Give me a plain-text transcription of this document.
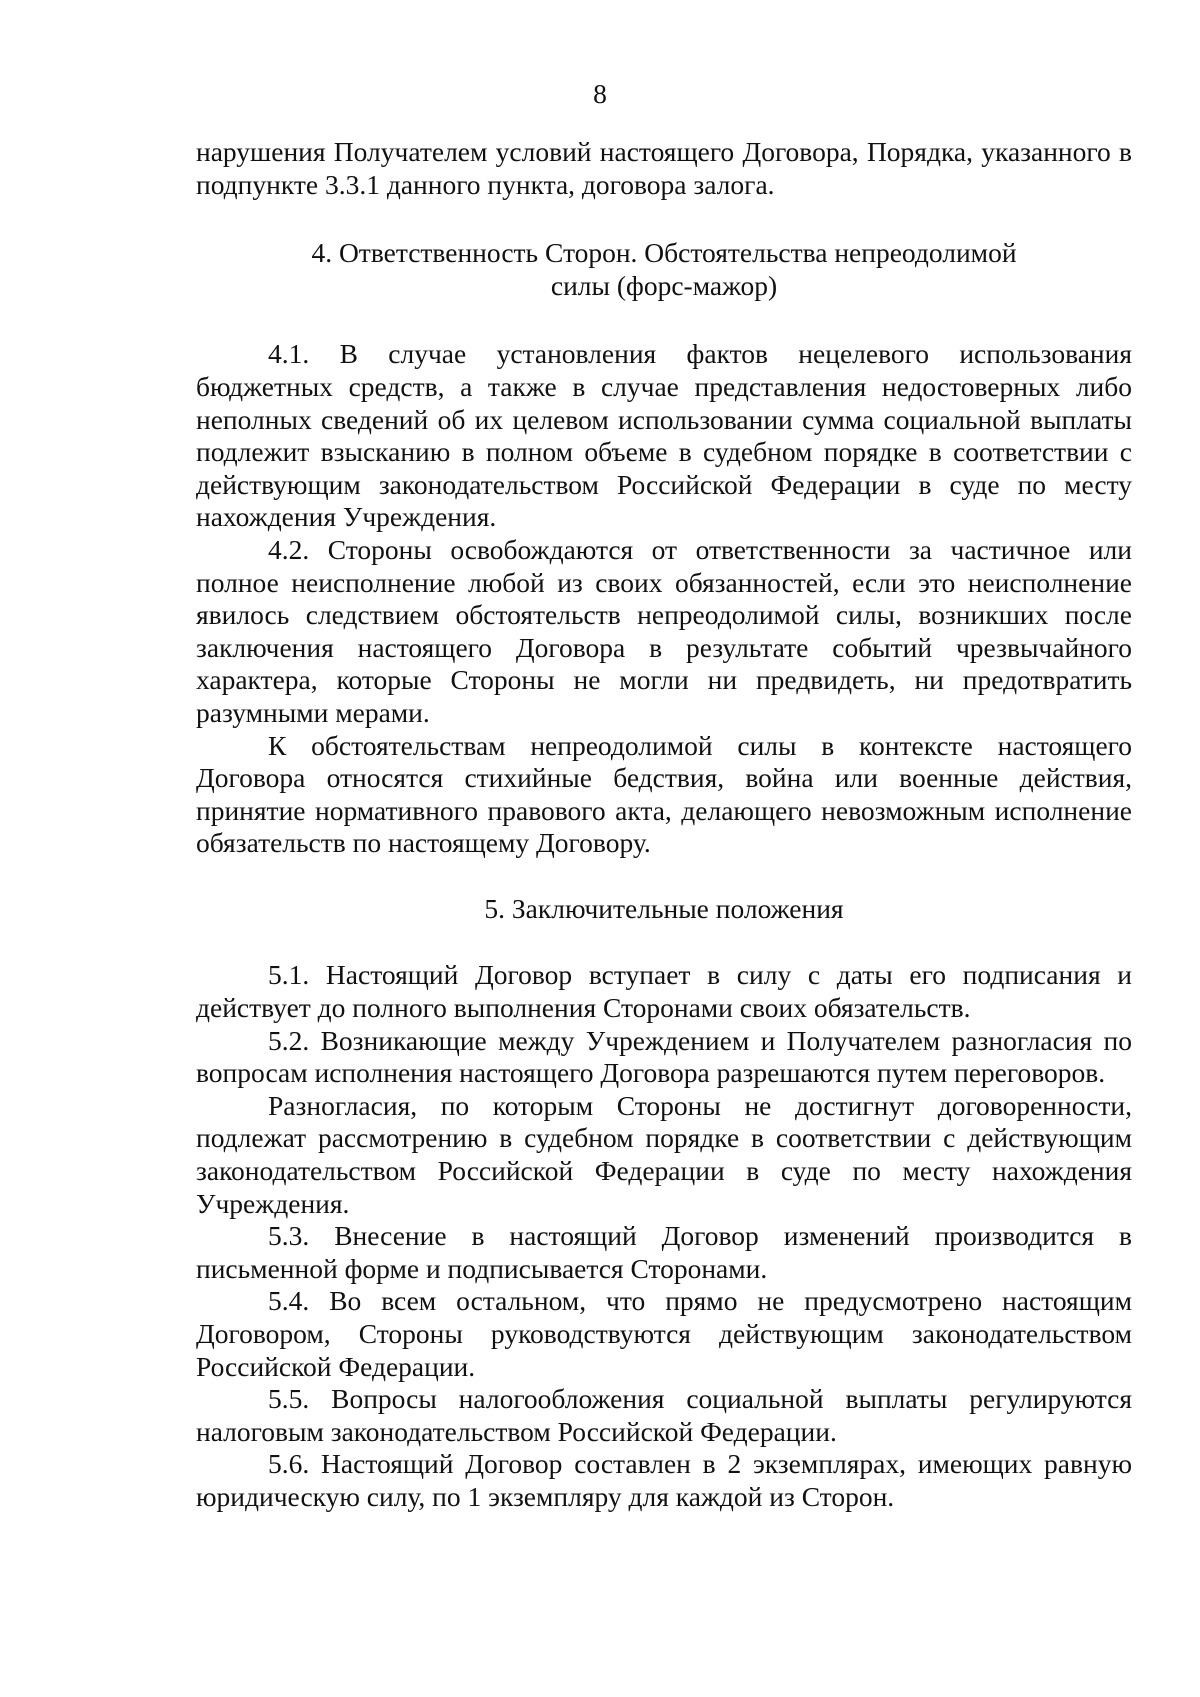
8

нарушения Получателем условий настоящего Договора, Порядка, указанного в подпункте 3.3.1 данного пункта, договора залога.

4. Ответственность Сторон. Обстоятельства непреодолимой силы (форс-мажор)

4.1. В случае установления фактов нецелевого использования бюджетных средств, а также в случае представления недостоверных либо неполных сведений об их целевом использовании сумма социальной выплаты подлежит взысканию в полном объеме в судебном порядке в соответствии с действующим законодательством Российской Федерации в суде по месту нахождения Учреждения.

4.2. Стороны освобождаются от ответственности за частичное или полное неисполнение любой из своих обязанностей, если это неисполнение явилось следствием обстоятельств непреодолимой силы, возникших после заключения настоящего Договора в результате событий чрезвычайного характера, которые Стороны не могли ни предвидеть, ни предотвратить разумными мерами.

К обстоятельствам непреодолимой силы в контексте настоящего Договора относятся стихийные бедствия, война или военные действия, принятие нормативного правового акта, делающего невозможным исполнение обязательств по настоящему Договору.

5. Заключительные положения

5.1. Настоящий Договор вступает в силу с даты его подписания и действует до полного выполнения Сторонами своих обязательств.

5.2. Возникающие между Учреждением и Получателем разногласия по вопросам исполнения настоящего Договора разрешаются путем переговоров.

Разногласия, по которым Стороны не достигнут договоренности, подлежат рассмотрению в судебном порядке в соответствии с действующим законодательством Российской Федерации в суде по месту нахождения Учреждения.

5.3. Внесение в настоящий Договор изменений производится в письменной форме и подписывается Сторонами.

5.4. Во всем остальном, что прямо не предусмотрено настоящим Договором, Стороны руководствуются действующим законодательством Российской Федерации.

5.5. Вопросы налогообложения социальной выплаты регулируются налоговым законодательством Российской Федерации.

5.6. Настоящий Договор составлен в 2 экземплярах, имеющих равную юридическую силу, по 1 экземпляру для каждой из Сторон.
